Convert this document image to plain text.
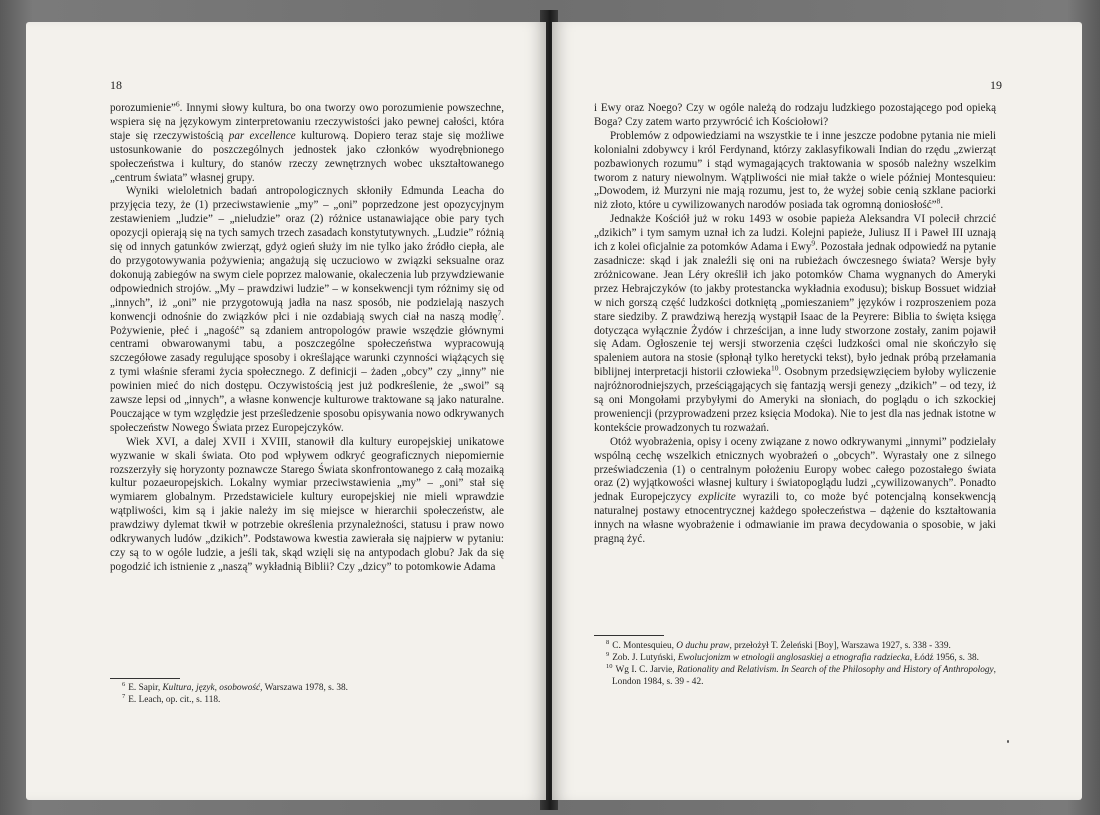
18

porozumienie”$^6$. Innymi słowy kultura, bo ona tworzy owo porozumienie powszechne, wspiera się na językowym zinterpretowaniu rzeczywistości jako pewnej całości, która staje się rzeczywistością par excellence kulturową. Dopiero teraz staje się możliwe ustosunkowanie do poszczególnych jednostek jako członków wyodrębnionego społeczeństwa i kultury, do stanów rzeczy zewnętrznych wobec ukształtowanego „centrum świata” własnej grupy.

Wyniki wieloletnich badań antropologicznych skłoniły Edmunda Leacha do przyjęcia tezy, że (1) przeciwstawienie „my” – „oni” poprzedzone jest opozycyjnym zestawieniem „ludzie” – „nieludzie” oraz (2) różnice ustanawiające obie pary tych opozycji opierają się na tych samych trzech zasadach konstytutywnych. „Ludzie” różnią się od innych gatunków zwierząt, gdyż ogień służy im nie tylko jako źródło ciepła, ale do przygotowywania pożywienia; angażują się uczuciowo w związki seksualne oraz dokonują zabiegów na swym ciele poprzez malowanie, okaleczenia lub przywdziewanie odpowiednich strojów. „My – prawdziwi ludzie” – w konsekwencji tym różnimy się od „innych”, iż „oni” nie przygotowują jadła na nasz sposób, nie podzielają naszych konwencji odnośnie do związków płci i nie ozdabiają swych ciał na naszą modłę$^7$. Pożywienie, płeć i „nagość” są zdaniem antropologów prawie wszędzie głównymi centrami obwarowanymi tabu, a poszczególne społeczeństwa wypracowują szczegółowe zasady regulujące sposoby i określające warunki czynności wiążących się z tymi właśnie sferami życia społecznego. Z definicji – żaden „obcy” czy „inny” nie powinien mieć do nich dostępu. Oczywistością jest już podkreślenie, że „swoi” są zawsze lepsi od „innych”, a własne konwencje kulturowe traktowane są jako naturalne. Pouczające w tym względzie jest prześledzenie sposobu opisywania nowo odkrywanych społeczeństw Nowego Świata przez Europejczyków.

Wiek XVI, a dalej XVII i XVIII, stanowił dla kultury europejskiej unikatowe wyzwanie w skali świata. Oto pod wpływem odkryć geograficznych niepomiernie rozszerzyły się horyzonty poznawcze Starego Świata skonfrontowanego z całą mozaiką kultur pozaeuropejskich. Lokalny wymiar przeciwstawienia „my” – „oni” stał się wymiarem globalnym. Przedstawiciele kultury europejskiej nie mieli wprawdzie wątpliwości, kim są i jakie należy im się miejsce w hierarchii społeczeństw, ale prawdziwy dylemat tkwił w potrzebie określenia przynależności, statusu i praw nowo odkrywanych ludów „dzikich”. Podstawowa kwestia zawierała się najpierw w pytaniu: czy są to w ogóle ludzie, a jeśli tak, skąd wzięli się na antypodach globu? Jak da się pogodzić ich istnienie z „naszą” wykładnią Biblii? Czy „dzicy” to potomkowie Adama

$^6$ E. Sapir, Kultura, język, osobowość, Warszawa 1978, s. 38.

$^7$ E. Leach, op. cit., s. 118.

19

i Ewy oraz Noego? Czy w ogóle należą do rodzaju ludzkiego pozostającego pod opieką Boga? Czy zatem warto przywrócić ich Kościołowi?

Problemów z odpowiedziami na wszystkie te i inne jeszcze podobne pytania nie mieli kolonialni zdobywcy i król Ferdynand, którzy zaklasyfikowali Indian do rzędu „zwierząt pozbawionych rozumu” i stąd wymagających traktowania w sposób należny wszelkim tworom z natury niewolnym. Wątpliwości nie miał także o wiele później Montesquieu: „Dowodem, iż Murzyni nie mają rozumu, jest to, że wyżej sobie cenią szklane paciorki niż złoto, które u cywilizowanych narodów posiada tak ogromną doniosłość”$^8$.

Jednakże Kościół już w roku 1493 w osobie papieża Aleksandra VI polecił chrzcić „dzikich” i tym samym uznał ich za ludzi. Kolejni papieże, Juliusz II i Paweł III uznają ich z kolei oficjalnie za potomków Adama i Ewy$^9$. Pozostała jednak odpowiedź na pytanie zasadnicze: skąd i jak znaleźli się oni na rubieżach ówczesnego świata? Wersje były zróżnicowane. Jean Léry określił ich jako potomków Chama wygnanych do Ameryki przez Hebrajczyków (to jakby protestancka wykładnia exodusu); biskup Bossuet widział w nich gorszą część ludzkości dotkniętą „pomieszaniem” języków i rozproszeniem poza stare siedziby. Z prawdziwą herezją wystąpił Isaac de la Peyrere: Biblia to święta księga dotycząca wyłącznie Żydów i chrześcijan, a inne ludy stworzone zostały, zanim pojawił się Adam. Ogłoszenie tej wersji stworzenia części ludzkości omal nie skończyło się spaleniem autora na stosie (spłonął tylko heretycki tekst), było jednak próbą przełamania biblijnej interpretacji historii człowieka$^{10}$. Osobnym przedsięwzięciem byłoby wyliczenie najróżnorodniejszych, prześciągających się fantazją wersji genezy „dzikich” – od tezy, iż są oni Mongołami przybyłymi do Ameryki na słoniach, do poglądu o ich szkockiej proweniencji (przyprowadzeni przez księcia Modoka). Nie to jest dla nas jednak istotne w kontekście prowadzonych tu rozważań.

Otóż wyobrażenia, opisy i oceny związane z nowo odkrywanymi „innymi” podzielały wspólną cechę wszelkich etnicznych wyobrażeń o „obcych”. Wyrastały one z silnego przeświadczenia (1) o centralnym położeniu Europy wobec całego pozostałego świata oraz (2) wyjątkowości własnej kultury i światopoglądu ludzi „cywilizowanych”. Ponadto jednak Europejczycy explicite wyrazili to, co może być potencjalną konsekwencją naturalnej postawy etnocentrycznej każdego społeczeństwa – dążenie do kształtowania innych na własne wyobrażenie i odmawianie im prawa decydowania o sposobie, w jaki pragną żyć.

$^8$ C. Montesquieu, O duchu praw, przełożył T. Żeleński [Boy], Warszawa 1927, s. 338 - 339.

$^9$ Zob. J. Lutyński, Ewolucjonizm w etnologii anglosaskiej a etnografia radziecka, Łódź 1956, s. 38.

$^{10}$ Wg I. C. Jarvie, Rationality and Relativism. In Search of the Philosophy and History of Anthropology, London 1984, s. 39 - 42.
